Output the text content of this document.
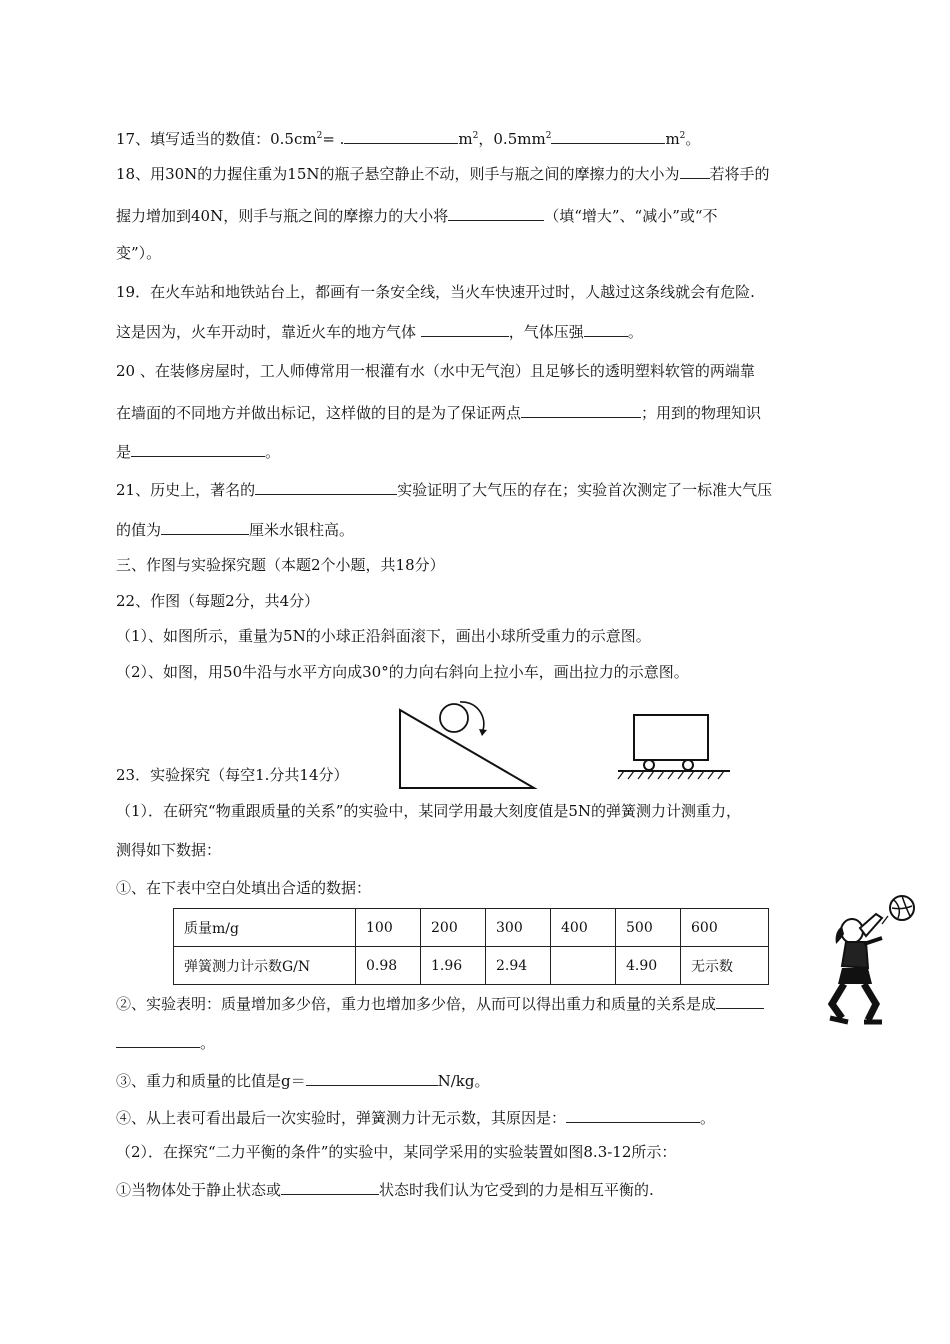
17、填写适当的数值：$0.5cm^2=$ .	$m^2$，$0.5mm^2$	$m^2$。
18、用30N的力握住重为15N的瓶子悬空静止不动，则手与瓶之间的摩擦力的大小为 若将手的
握力增加到40N，则手与瓶之间的摩擦力的大小将	（填“增大”、“减小”或“不
变”）。
19．在火车站和地铁站台上，都画有一条安全线，当火车快速开过时，人越过这条线就会有危险.
这是因为，火车开动时，靠近火车的地方气体	，气体压强	。
20 、在装修房屋时，工人师傅常用一根灌有水（水中无气泡）且足够长的透明塑料软管的两端靠
在墙面的不同地方并做出标记，这样做的目的是为了保证两点	；用到的物理知识
是	。
21、历史上，著名的	实验证明了大气压的存在；实验首次测定了一标准大气压
的值为	厘米水银柱高。
三、作图与实验探究题（本题2个小题，共18分）
22、作图（每题2分，共4分）
（1）、如图所示，重量为5N的小球正沿斜面滚下，画出小球所受重力的示意图。
（2）、如图，用50牛沿与水平方向成30°的力向右斜向上拉小车，画出拉力的示意图。
23．实验探究（每空1.分共14分）
（1）．在研究“物重跟质量的关系”的实验中，某同学用最大刻度值是5N的弹簧测力计测重力，
测得如下数据：
①、在下表中空白处填出合适的数据：
质量m/g	100	200	300	400	500	600
弹簧测力计示数G/N	0.98	1.96	2.94		4.90	无示数
②、实验表明：质量增加多少倍，重力也增加多少倍，从而可以得出重力和质量的关系是成
。
③、重力和质量的比值是g＝	N/kg。
④、从上表可看出最后一次实验时，弹簧测力计无示数，其原因是：	。
（2）．在探究“二力平衡的条件”的实验中，某同学采用的实验装置如图8.3-12所示：
①当物体处于静止状态或	状态时我们认为它受到的力是相互平衡的.
